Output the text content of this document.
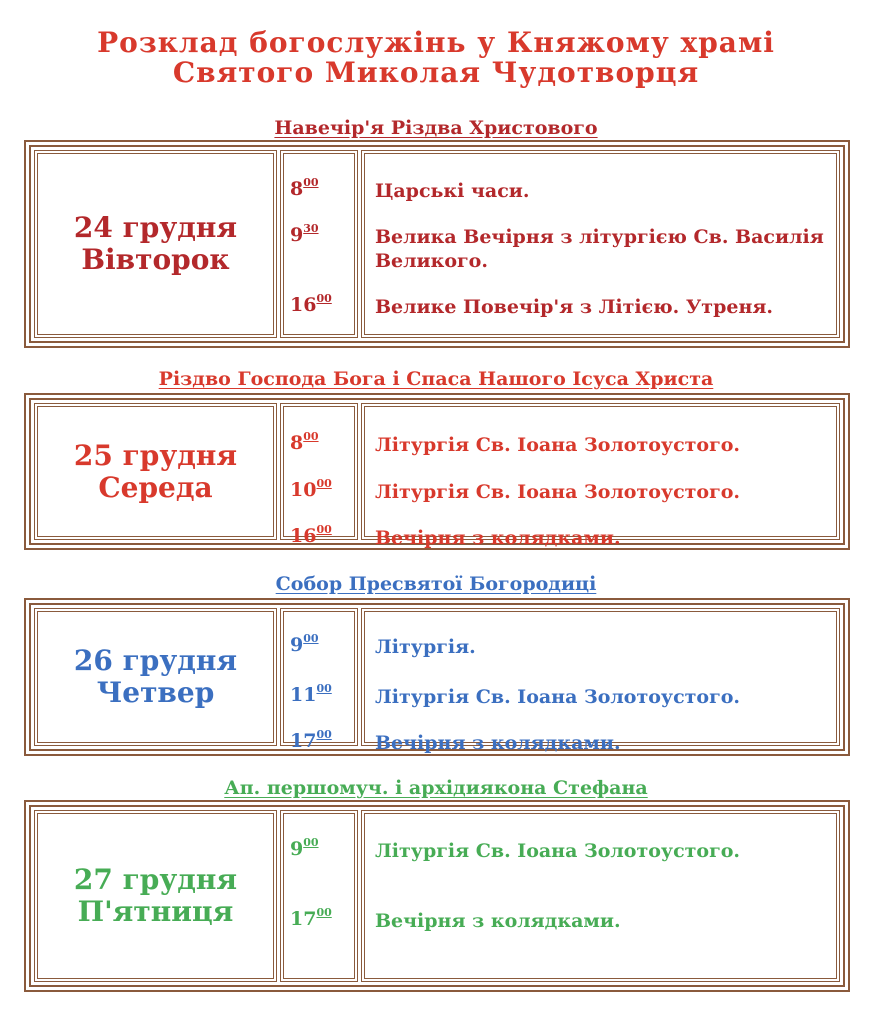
Розклад богослужінь у Княжому храмі
Святого Миколая Чудотворця
Навечір'я Різдва Христового
24 грудня
Вівторок
$8^{00}$
$9^{30}$
$16^{00}$
Царські часи.
Велика Вечірня з літургією Св. Василія Великого.
Велике Повечір'я з Літією. Утреня.
Різдво Господа Бога і Спаса Нашого Ісуса Христа
25 грудня
Середа
$8^{00}$
$10^{00}$
$16^{00}$
Літургія Св. Іоана Золотоустого.
Літургія Св. Іоана Золотоустого.
Вечірня з колядками.
Собор Пресвятої Богородиці
26 грудня
Четвер
$9^{00}$
$11^{00}$
$17^{00}$
Літургія.
Літургія Св. Іоана Золотоустого.
Вечірня з колядками.
Ап. першомуч. і архідиякона Стефана
27 грудня
П'ятниця
$9^{00}$
$17^{00}$
Літургія Св. Іоана Золотоустого.
Вечірня з колядками.
